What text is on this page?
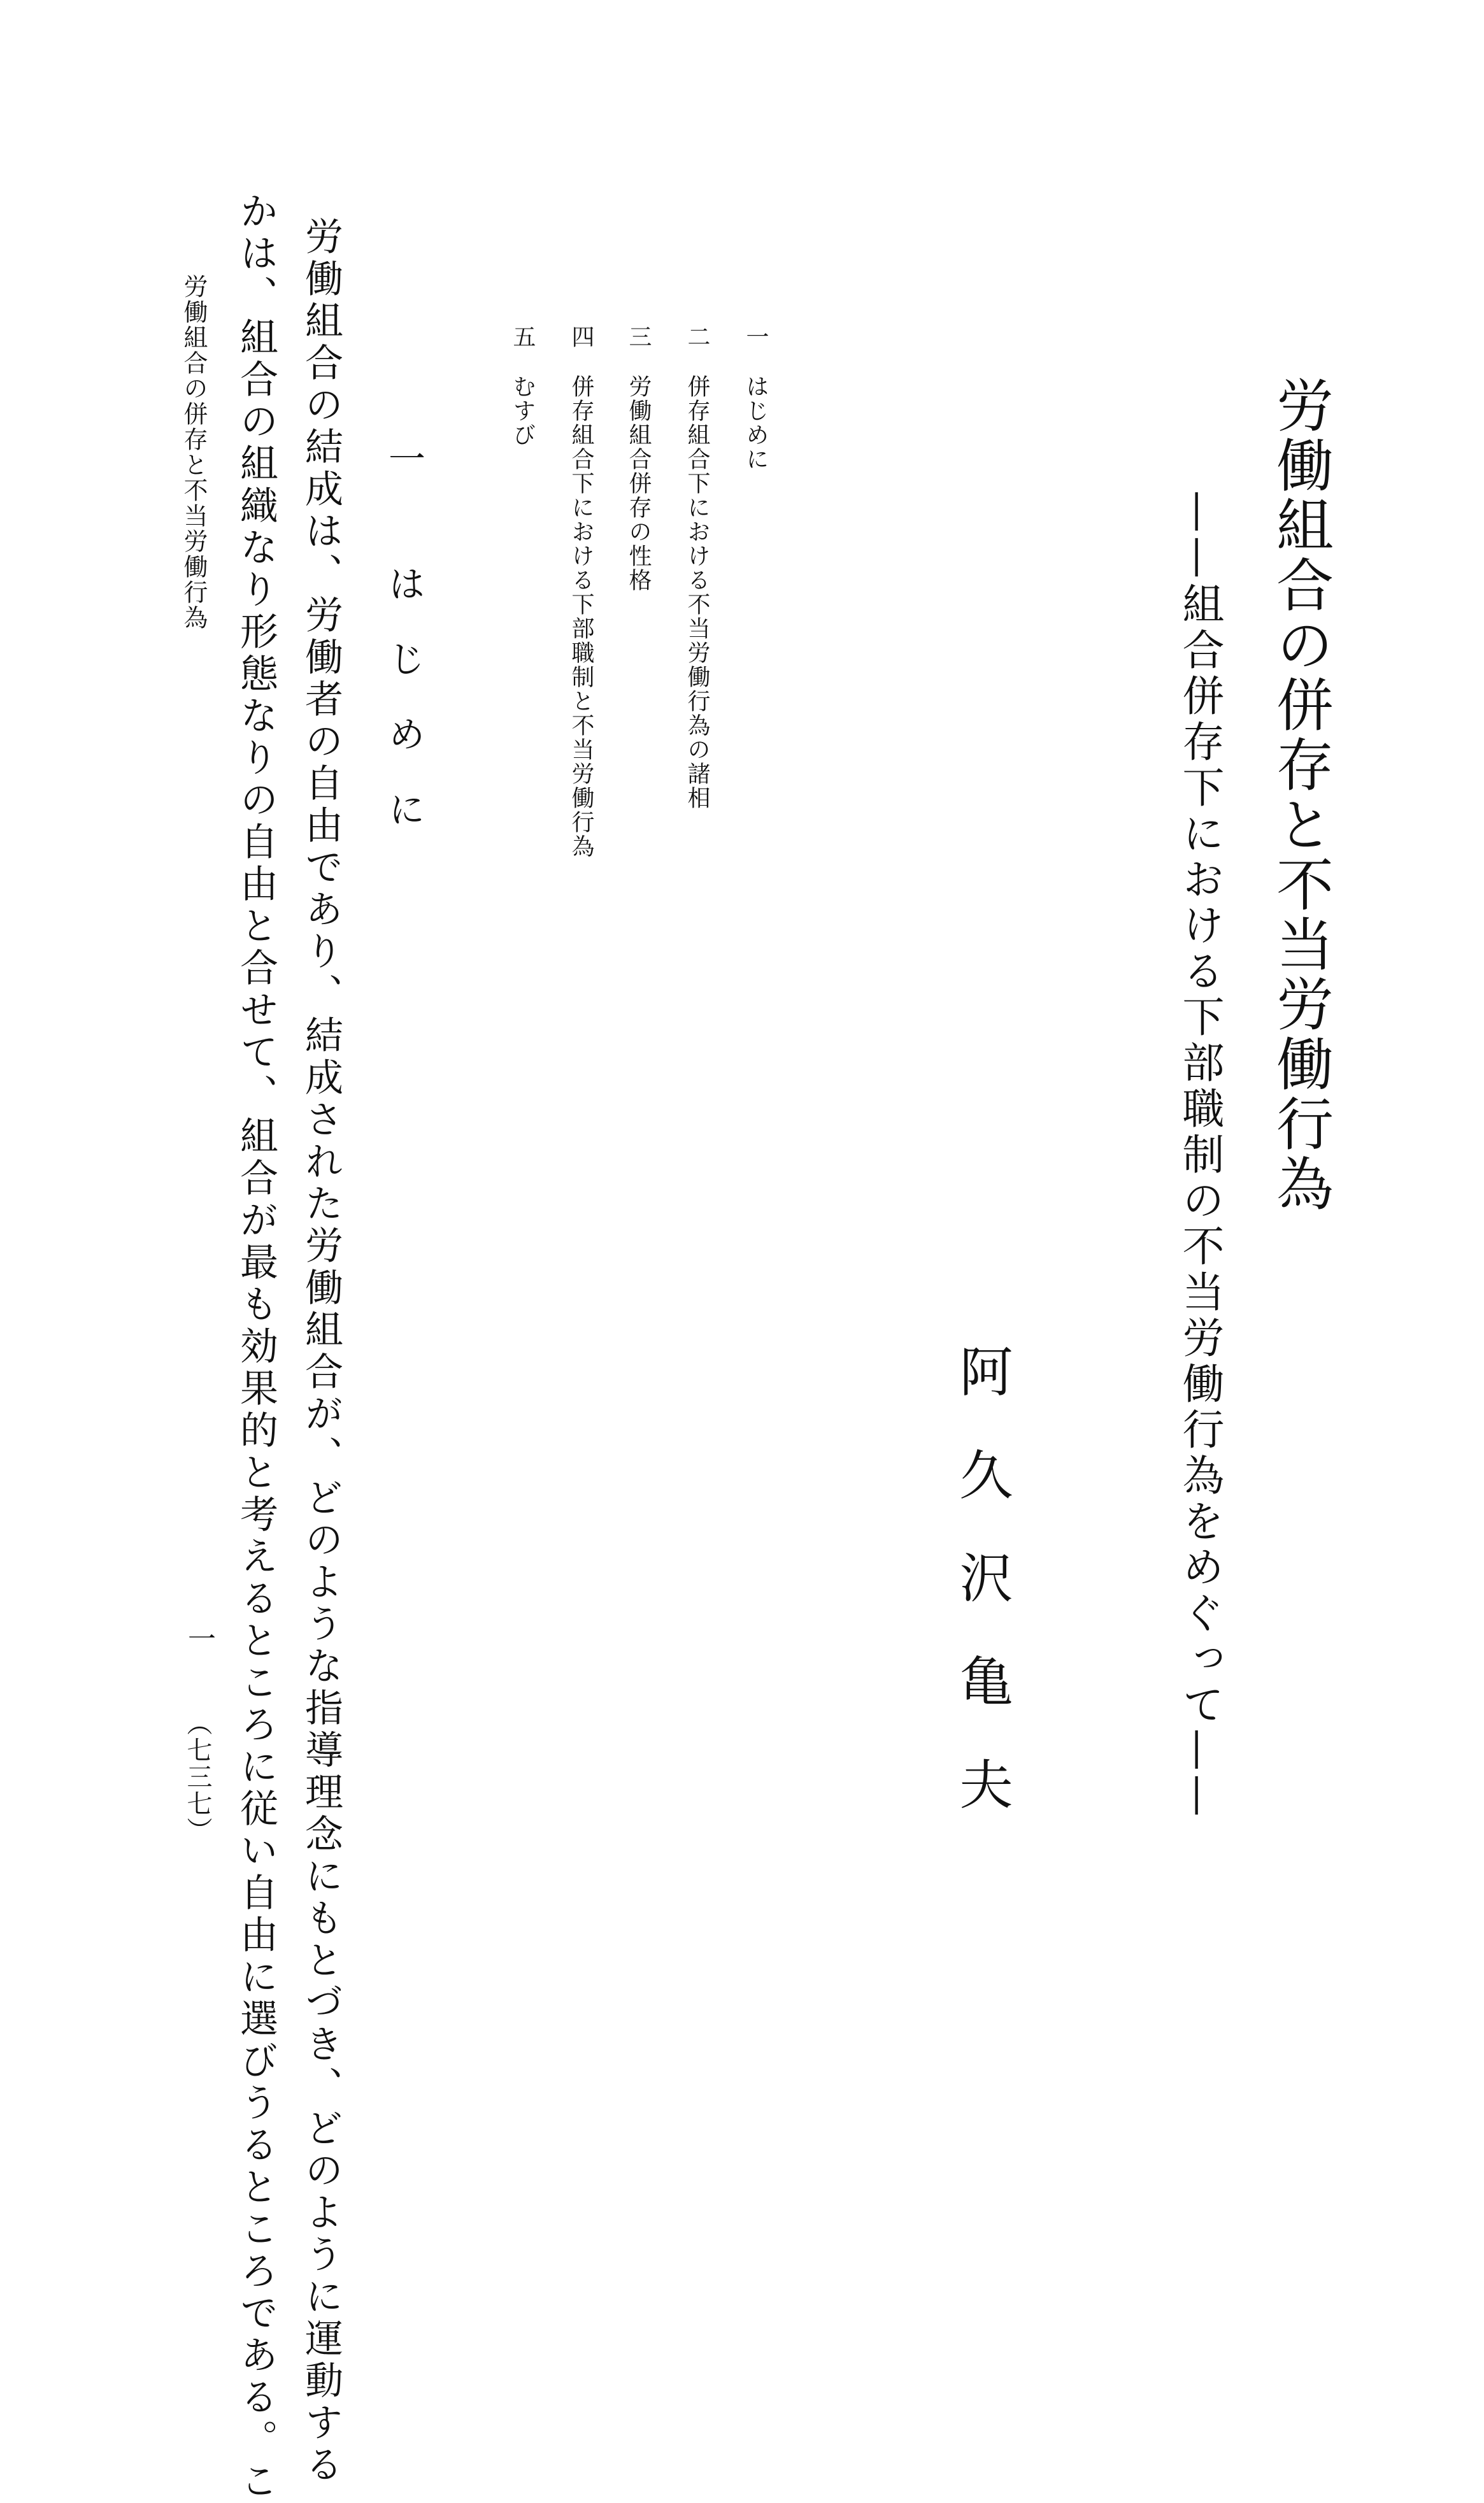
労働組合の併存と不当労働行為
——組合併存下における下部職制の不当労働行為をめぐって——
阿久沢亀夫
一はじめに
二併存組合下における不当労働行為の諸相
三労働組合併存の性格
四併存組合下における下部職制と不当労働行為
五むすび
一 はじめに
労働組合の結成は、労働者の自由であり、結成された労働組合が、どのような指導理念にもとづき、どのように運動する
かは、組合の組織なり形態なりの自由と合せて、組合が最も効果的と考えるところに従い自由に選びうるところである。こ
労働組合の併存と不当労働行為
一
（七三七）
